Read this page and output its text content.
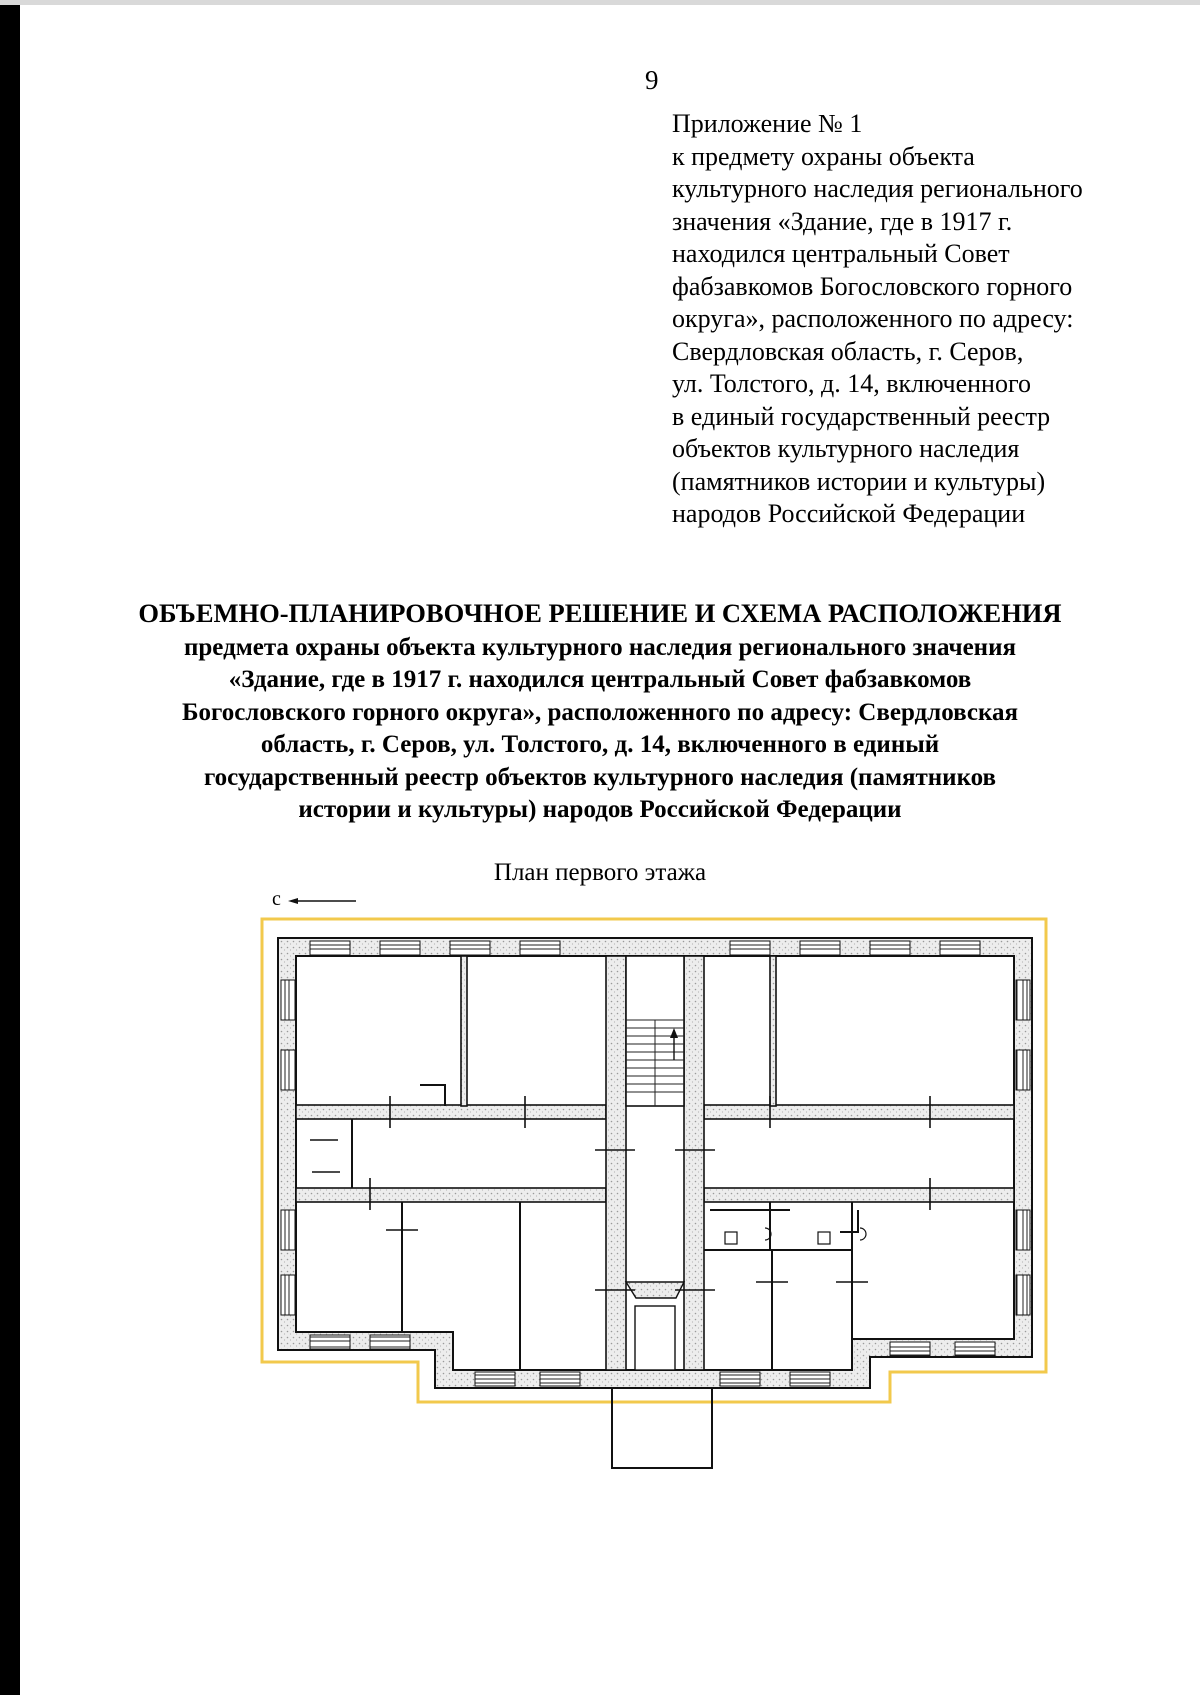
9
Приложение № 1
к предмету охраны объекта
культурного наследия регионального
значения «Здание, где в 1917 г.
находился центральный Совет
фабзавкомов Богословского горного
округа», расположенного по адресу:
Свердловская область, г. Серов,
ул. Толстого, д. 14, включенного
в единый государственный реестр
объектов культурного наследия
(памятников истории и культуры)
народов Российской Федерации
ОБЪЕМНО-ПЛАНИРОВОЧНОЕ РЕШЕНИЕ И СХЕМА РАСПОЛОЖЕНИЯ
предмета охраны объекта культурного наследия регионального значения
«Здание, где в 1917 г. находился центральный Совет фабзавкомов
Богословского горного округа», расположенного по адресу: Свердловская
область, г. Серов, ул. Толстого, д. 14, включенного в единый
государственный реестр объектов культурного наследия (памятников
истории и культуры) народов Российской Федерации
План первого этажа
с
